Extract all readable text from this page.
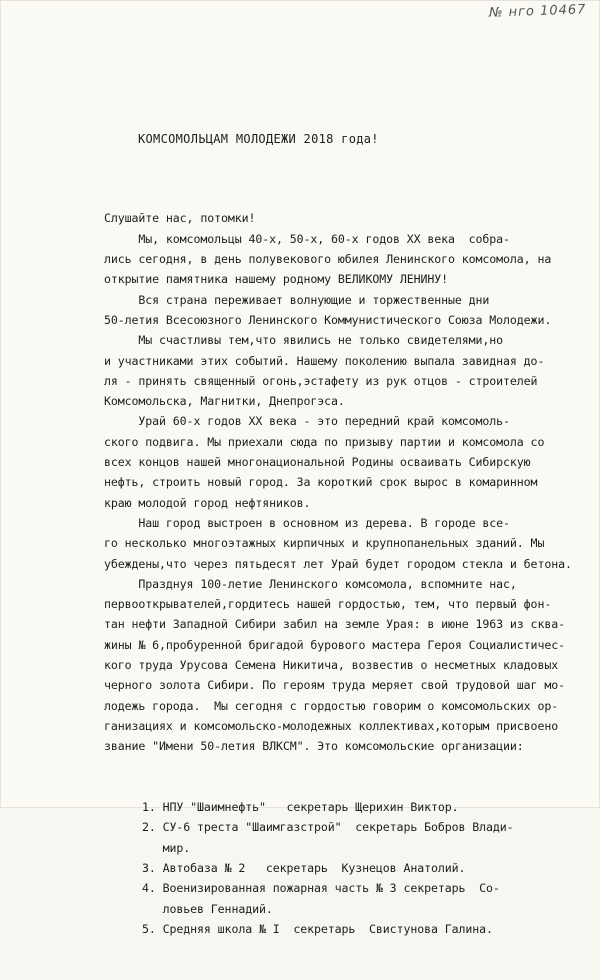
№ нго 10467

КОМСОМОЛЬЦАМ МОЛОДЕЖИ 2018 года!

Слушайте нас, потомки!
Мы, комсомольцы 40-х, 50-х, 60-х годов XX века  собра-
лись сегодня, в день полувекового юбилея Ленинского комсомола, на
открытие памятника нашему родному ВЕЛИКОМУ ЛЕНИНУ!
Вся страна переживает волнующие и торжественные дни
50-летия Всесоюзного Ленинского Коммунистического Союза Молодежи.
Мы счастливы тем,что явились не только свидетелями,но
и участниками этих событий. Нашему поколению выпала завидная до-
ля - принять священный огонь,эстафету из рук отцов - строителей
Комсомольска, Магнитки, Днепрогэса.
Урай 60-х годов XX века - это передний край комсомоль-
ского подвига. Мы приехали сюда по призыву партии и комсомола со
всех концов нашей многонациональной Родины осваивать Сибирскую
нефть, строить новый город. За короткий срок вырос в комаринном
краю молодой город нефтяников.
Наш город выстроен в основном из дерева. В городе все-
го несколько многоэтажных кирпичных и крупнопанельных зданий. Мы
убеждены,что через пятьдесят лет Урай будет городом стекла и бетона.
Празднуя 100-летие Ленинского комсомола, вспомните нас,
первооткрывателей,гордитесь нашей гордостью, тем, что первый фон-
тан нефти Западной Сибири забил на земле Урая: в июне 1963 из сква-
жины № 6,пробуренной бригадой бурового мастера Героя Социалистичес-
кого труда Урусова Семена Никитича, возвестив о несметных кладовых
черного золота Сибири. По героям труда меряет свой трудовой шаг мо-
лодежь города.  Мы сегодня с гордостью говорим о комсомольских ор-
ганизациях и комсомольско-молодежных коллективах,которым присвоено
звание "Имени 50-летия ВЛКСМ". Это комсомольские организации:

1. НПУ "Шаимнефть"   секретарь Щерихин Виктор.
2. СУ-6 треста "Шаимгазстрой"  секретарь Бобров Влади-
мир.
3. Автобаза № 2   секретарь  Кузнецов Анатолий.
4. Военизированная пожарная часть № 3 секретарь  Со-
ловьев Геннадий.
5. Средняя школа № I  секретарь  Свистунова Галина.
